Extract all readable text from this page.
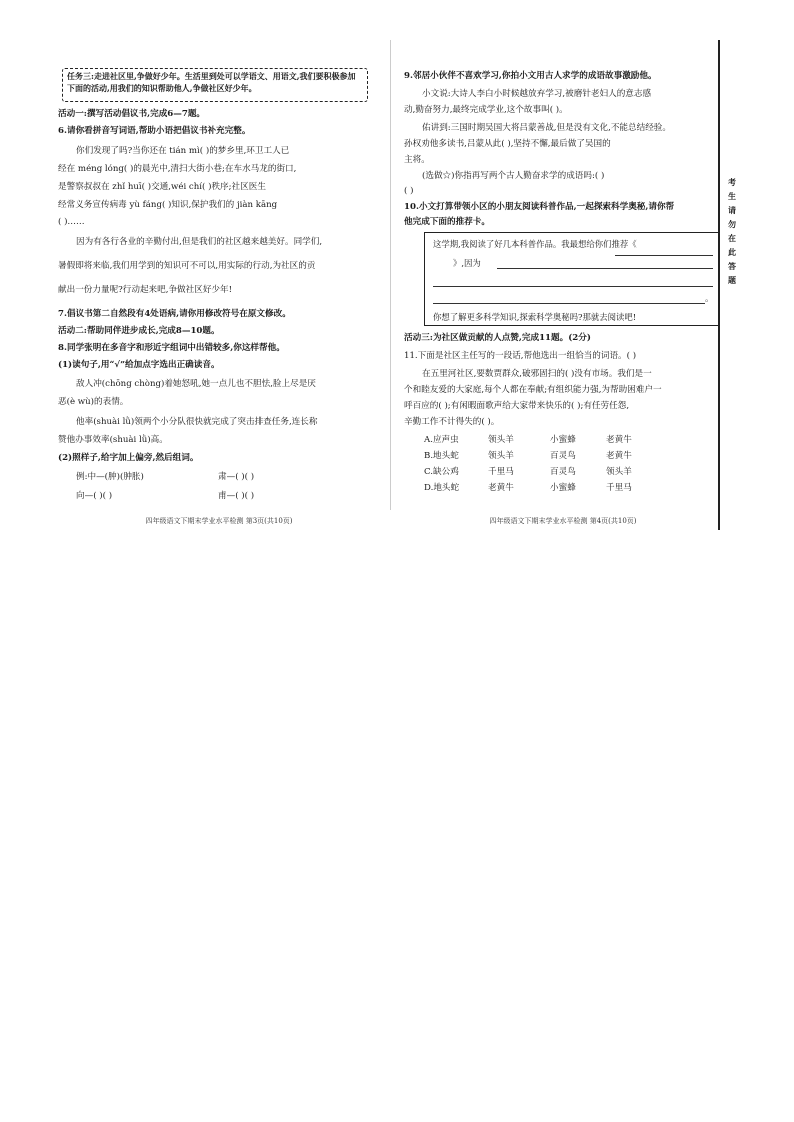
任务三:走进社区里,争做好少年。生活里到处可以学语文、用语文,我们要积极参加下面的活动,用我们的知识帮助他人,争做社区好少年。
活动一:撰写活动倡议书,完成6—7题。
6.请你看拼音写词语,帮助小语把倡议书补充完整。
你们发现了吗?当你还在 tián mì( )的梦乡里,环卫工人已
经在 méng lóng( )的晨光中,清扫大街小巷;在车水马龙的街口,
是警察叔叔在 zhǐ huī( )交通,wéi chí( )秩序;社区医生
经常义务宣传病毒 yù fáng( )知识,保护我们的 jiàn kāng
( )……
因为有各行各业的辛勤付出,但是我们的社区越来越美好。同学们,
暑假即将来临,我们用学到的知识可不可以,用实际的行动,为社区的贡
献出一份力量呢?行动起来吧,争做社区好少年!
7.倡议书第二自然段有4处语病,请你用修改符号在原文修改。
活动二:帮助同伴进步成长,完成8—10题。
8.同学张明在多音字和形近字组词中出错较多,你这样帮他。
(1)读句子,用“√”给加点字选出正确读音。
敌人冲(chōng chòng)着她怒吼,她一点儿也不胆怯,脸上尽是厌
恶(è wù)的表情。
他率(shuài lǜ)领两个小分队很快就完成了突击排查任务,连长称
赞他办事效率(shuài lǜ)高。
(2)照样子,给字加上偏旁,然后组词。
例:中—(肿)(肿胀)	肃—( )( )
向—( )( )	甫—( )( )
四年级语文下期末学业水平检测 第3页(共10页)
9.邻居小伙伴不喜欢学习,你拍小文用古人求学的成语故事激励他。
小文说:大诗人李白小时候越放弃学习,被磨针老妇人的意志感
动,勤奋努力,最终完成学业,这个故事叫( )。
佑讲到:三国时期吴国大将吕蒙善战,但是没有文化,不能总结经验。
孙权劝他多读书,吕蒙从此( ),坚持不懈,最后做了吴国的
主将。
(选做☆)你指再写两个古人勤奋求学的成语吗:( )
( )
10.小文打算带领小区的小朋友阅读科普作品,一起探索科学奥秘,请你帮
他完成下面的推荐卡。
这学期,我阅读了好几本科普作品。我最想给你们推荐《
》,因为
。
你想了解更多科学知识,探索科学奥秘吗?那就去阅读吧!
活动三:为社区做贡献的人点赞,完成11题。(2分)
11.下面是社区主任写的一段话,帮他选出一组恰当的词语。( )
在五里河社区,要数贾群众,破邪固扫的( )没有市场。我们是一
个和睦友爱的大家庭,每个人都在奉献;有组织能力强,为帮助困难户一
呼百应的( );有闲暇面歌声给大家带来快乐的( );有任劳任怨,
辛勤工作不计得失的( )。
A.应声虫	领头羊	小蜜蜂	老黄牛
B.地头蛇	领头羊	百灵鸟	老黄牛
C.缺公鸡	千里马	百灵鸟	领头羊
D.地头蛇	老黄牛	小蜜蜂	千里马
四年级语文下期末学业水平检测 第4页(共10页)
考
生
请
勿
在
此
答
题
